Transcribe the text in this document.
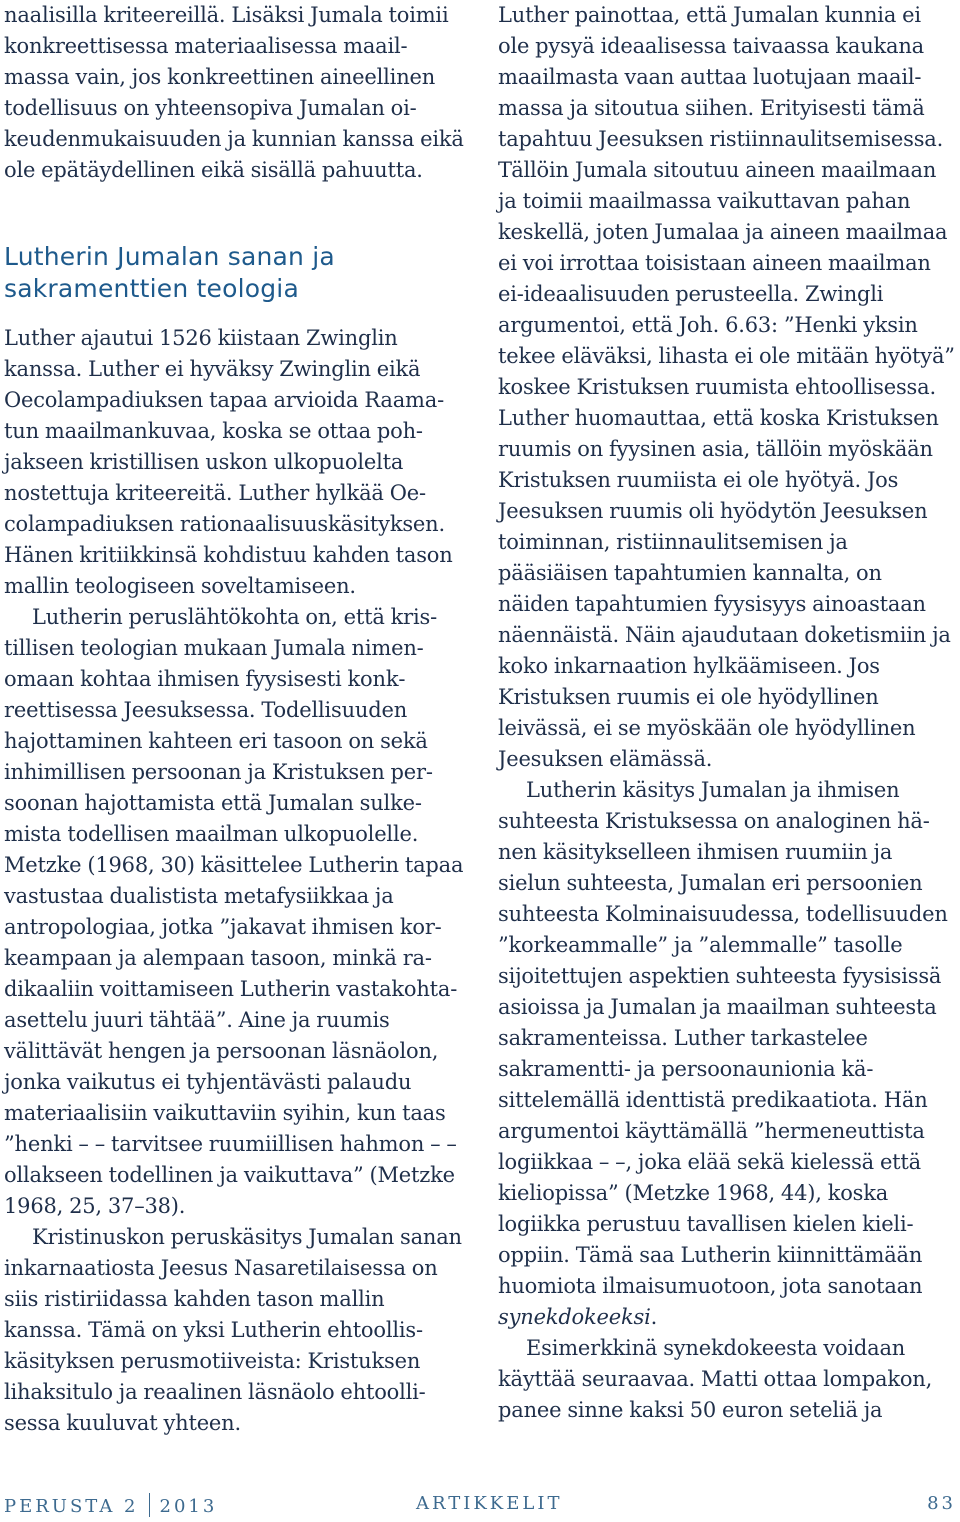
naalisilla kriteereillä. Lisäksi Jumala toimii konkreettisessa materiaalisessa maailmassa vain, jos konkreettinen aineellinen todellisuus on yhteensopiva Jumalan oikeudenmukaisuuden ja kunnian kanssa eikä ole epätäydellinen eikä sisällä pahuutta.

Lutherin Jumalan sanan ja
sakramenttien teologia

Luther ajautui 1526 kiistaan Zwinglin kanssa. Luther ei hyväksy Zwinglin eikä Oecolampadiuksen tapaa arvioida Raamatun maailmankuvaa, koska se ottaa pohjakseen kristillisen uskon ulkopuolelta nostettuja kriteereitä. Luther hylkää Oecolampadiuksen rationaalisuuskäsityksen. Hänen kritiikkinsä kohdistuu kahden tason mallin teologiseen soveltamiseen.

Lutherin peruslähtökohta on, että kristillisen teologian mukaan Jumala nimenomaan kohtaa ihmisen fyysisesti konkreettisessa Jeesuksessa. Todellisuuden hajottaminen kahteen eri tasoon on sekä inhimillisen persoonan ja Kristuksen persoonan hajottamista että Jumalan sulkemista todellisen maailman ulkopuolelle. Metzke (1968, 30) käsittelee Lutherin tapaa vastustaa dualistista metafysiikkaa ja antropologiaa, jotka ”jakavat ihmisen korkeampaan ja alempaan tasoon, minkä radikaaliin voittamiseen Lutherin vastakohta-asettelu juuri tähtää”. Aine ja ruumis välittävät hengen ja persoonan läsnäolon, jonka vaikutus ei tyhjentävästi palaudu materiaalisiin vaikuttaviin syihin, kun taas ”henki – – tarvitsee ruumiillisen hahmon – – ollakseen todellinen ja vaikuttava” (Metzke 1968, 25, 37–38).

Kristinuskon peruskäsitys Jumalan sanan inkarnaatiosta Jeesus Nasaretilaisessa on siis ristiriidassa kahden tason mallin kanssa. Tämä on yksi Lutherin ehtoolliskäsityksen perusmotiiveista: Kristuksen lihaksitulo ja reaalinen läsnäolo ehtoollisessa kuuluvat yhteen.

Luther painottaa, että Jumalan kunnia ei ole pysyä ideaalisessa taivaassa kaukana maailmasta vaan auttaa luotujaan maailmassa ja sitoutua siihen. Erityisesti tämä tapahtuu Jeesuksen ristiinnaulitsemisessa. Tällöin Jumala sitoutuu aineen maailmaan ja toimii maailmassa vaikuttavan pahan keskellä, joten Jumalaa ja aineen maailmaa ei voi irrottaa toisistaan aineen maailman ei-ideaalisuuden perusteella. Zwingli argumentoi, että Joh. 6.63: ”Henki yksin tekee eläväksi, lihasta ei ole mitään hyötyä” koskee Kristuksen ruumista ehtoollisessa. Luther huomauttaa, että koska Kristuksen ruumis on fyysinen asia, tällöin myöskään Kristuksen ruumiista ei ole hyötyä. Jos Jeesuksen ruumis oli hyödytön Jeesuksen toiminnan, ristiinnaulitsemisen ja pääsiäisen tapahtumien kannalta, on näiden tapahtumien fyysisyys ainoastaan näennäistä. Näin ajaudutaan doketismiin ja koko inkarnaation hylkäämiseen. Jos Kristuksen ruumis ei ole hyödyllinen leivässä, ei se myöskään ole hyödyllinen Jeesuksen elämässä.

Lutherin käsitys Jumalan ja ihmisen suhteesta Kristuksessa on analoginen hänen käsitykselleen ihmisen ruumiin ja sielun suhteesta, Jumalan eri persoonien suhteesta Kolminaisuudessa, todellisuuden ”korkeammalle” ja ”alemmalle” tasolle sijoitettujen aspektien suhteesta fyysisissä asioissa ja Jumalan ja maailman suhteesta sakramenteissa. Luther tarkastelee sakramentti- ja persoonaunionia käsittelemällä identtistä predikaatiota. Hän argumentoi käyttämällä ”hermeneuttista logiikkaa – –, joka elää sekä kielessä että kieliopissa” (Metzke 1968, 44), koska logiikka perustuu tavallisen kielen kielioppiin. Tämä saa Lutherin kiinnittämään huomiota ilmaisumuotoon, jota sanotaan synekdokeeksi.

Esimerkkinä synekdokeesta voidaan käyttää seuraavaa. Matti ottaa lompakon, panee sinne kaksi 50 euron seteliä ja

PERUSTA 2 2013	ARTIKKELIT	83
